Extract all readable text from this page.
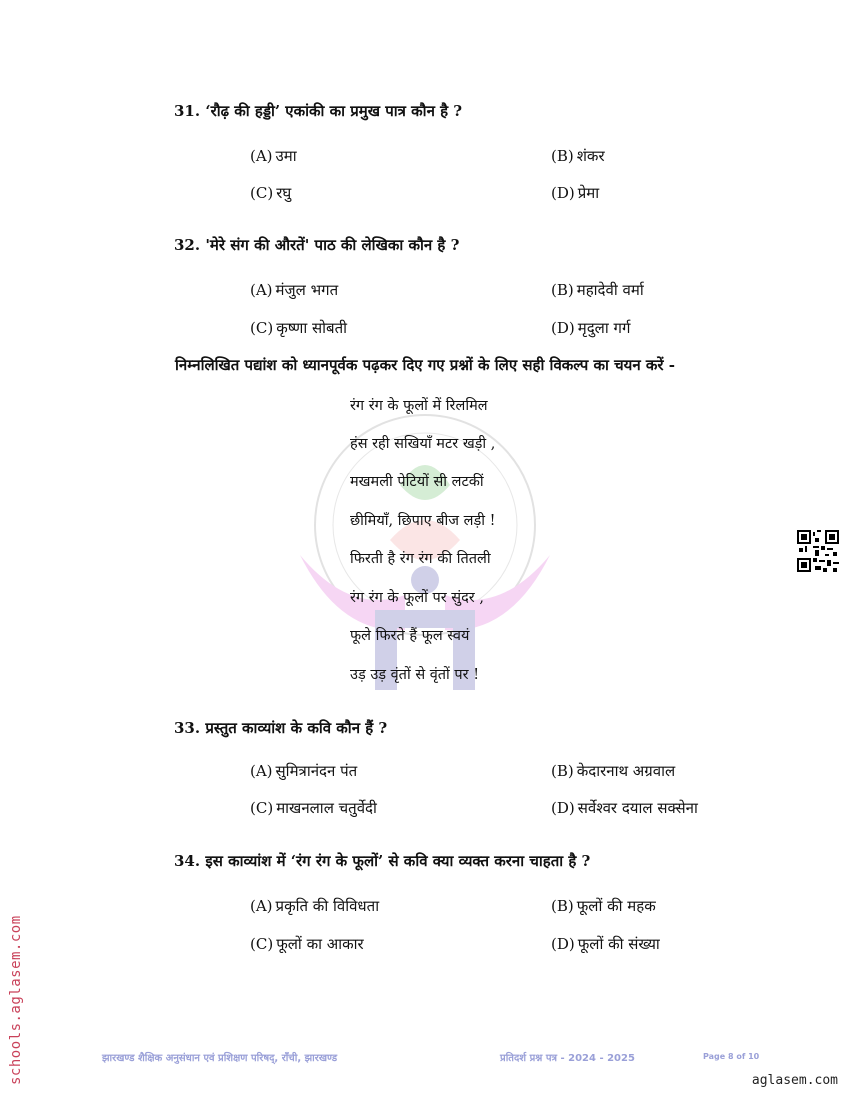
31. ‘रौढ़ की हड्डी’ एकांकी का प्रमुख पात्र कौन है ?
(A) उमा	(B) शंकर
(C) रघु	(D) प्रेमा
32. 'मेरे संग की औरतें' पाठ की लेखिका कौन है ?
(A) मंजुल भगत	(B) महादेवी वर्मा
(C) कृष्णा सोबती	(D) मृदुला गर्ग
निम्नलिखित पद्यांश को ध्यानपूर्वक पढ़कर दिए गए प्रश्नों के लिए सही विकल्प का चयन करें -
रंग रंग के फूलों में रिलमिल
हंस रही सखियाँ मटर खड़ी ,
मखमली पेटियों सी लटकीं
छीमियाँ, छिपाए बीज लड़ी !
फिरती है रंग रंग की तितली
रंग रंग के फूलों पर सुंदर ,
फूले फिरते हैं फूल स्वयं
उड़ उड़ वृंतों से वृंतों पर !
33. प्रस्तुत काव्यांश के कवि कौन हैं ?
(A) सुमित्रानंदन पंत	(B) केदारनाथ अग्रवाल
(C) माखनलाल चतुर्वेदी	(D) सर्वेश्वर दयाल सक्सेना
34. इस काव्यांश में ‘रंग रंग के फूलों’ से कवि क्या व्यक्त करना चाहता है ?
(A) प्रकृति की विविधता	(B) फूलों की महक
(C) फूलों का आकार	(D) फूलों की संख्या
schools.aglasem.com	झारखण्ड शैक्षिक अनुसंधान एवं प्रशिक्षण परिषद्, राँची, झारखण्ड	प्रतिदर्श प्रश्न पत्र - 2024 - 2025	Page 8 of 10
aglasem.com
